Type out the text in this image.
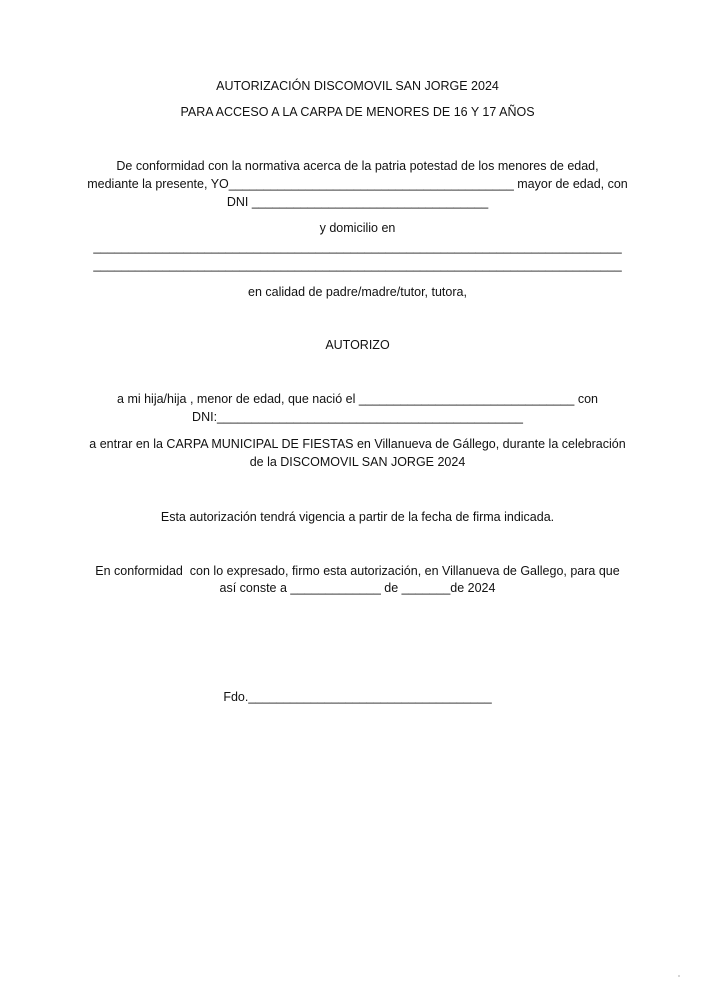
AUTORIZACIÓN DISCOMOVIL SAN JORGE 2024
PARA ACCESO A LA CARPA DE MENORES DE 16 Y 17 AÑOS
De conformidad con la normativa acerca de la patria potestad de los menores de edad,
mediante la presente, YO_________________________________________ mayor de edad, con
DNI __________________________________
y domicilio en
____________________________________________________________________________
____________________________________________________________________________
en calidad de padre/madre/tutor, tutora,
AUTORIZO
a mi hija/hija , menor de edad, que nació el _______________________________ con
DNI:____________________________________________
a entrar en la CARPA MUNICIPAL DE FIESTAS en Villanueva de Gállego, durante la celebración
de la DISCOMOVIL SAN JORGE 2024
Esta autorización tendrá vigencia a partir de la fecha de firma indicada.
En conformidad  con lo expresado, firmo esta autorización, en Villanueva de Gallego, para que
así conste a _____________ de _______de 2024
Fdo.___________________________________
